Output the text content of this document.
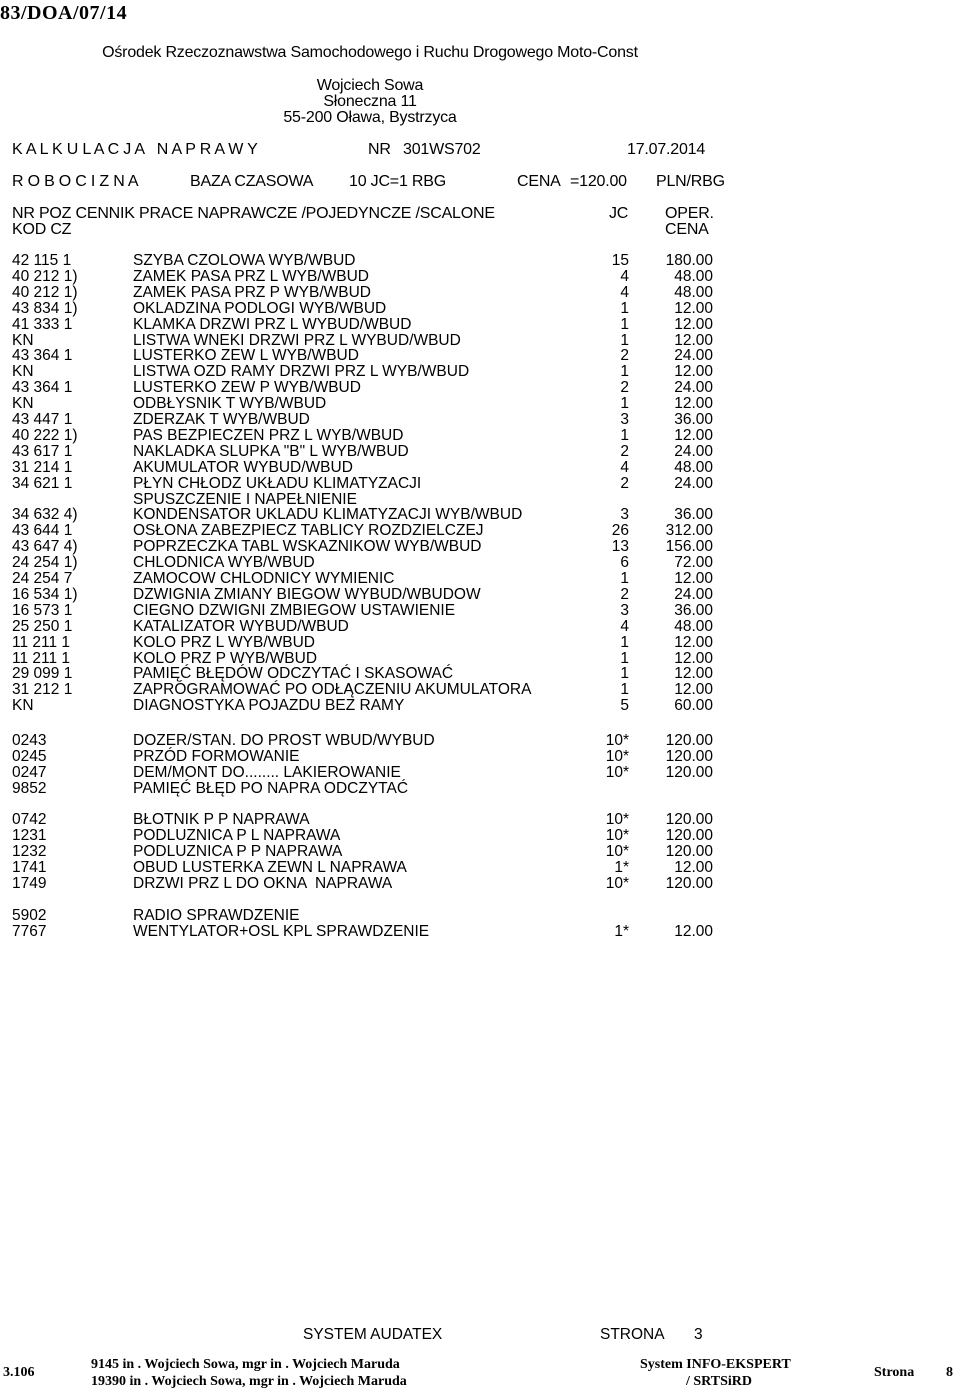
83/DOA/07/14
Ośrodek Rzeczoznawstwa Samochodowego i Ruchu Drogowego Moto-Const
Wojciech Sowa
Słoneczna 11
55-200 Oława, Bystrzyca
K A L K U L A C J A   N A P R A W Y	NR 301WS702	17.07.2014
R O B O C I Z N A	BAZA CZASOWA 10 JC=1 RBG	CENA =120.00 PLN/RBG
NR POZ CENNIK PRACE NAPRAWCZE /POJEDYNCZE /SCALONE	JC OPER.
KOD CZ	CENA
42 115 1	SZYBA CZOLOWA WYB/WBUD	15 180.00
40 212 1)	ZAMEK PASA PRZ L WYB/WBUD	4	48.00
40 212 1)	ZAMEK PASA PRZ P WYB/WBUD	4	48.00
43 834 1)	OKLADZINA PODLOGI WYB/WBUD	1	12.00
41 333 1	KLAMKA DRZWI PRZ L WYBUD/WBUD	1	12.00
KN	LISTWA WNEKI DRZWI PRZ L WYBUD/WBUD	1	12.00
43 364 1	LUSTERKO ZEW L WYB/WBUD	2	24.00
KN	LISTWA OZD RAMY DRZWI PRZ L WYB/WBUD	1	12.00
43 364 1	LUSTERKO ZEW P WYB/WBUD	2	24.00
KN	ODBŁYSNIK T WYB/WBUD	1	12.00
43 447 1	ZDERZAK T WYB/WBUD	3	36.00
40 222 1)	PAS BEZPIECZEN PRZ L WYB/WBUD	1	12.00
43 617 1	NAKLADKA SLUPKA "B" L WYB/WBUD	2	24.00
31 214 1	AKUMULATOR WYBUD/WBUD	4	48.00
34 621 1	PŁYN CHŁODZ UKŁADU KLIMATYZACJI	2	24.00
SPUSZCZENIE I NAPEŁNIENIE
34 632 4)	KONDENSATOR UKLADU KLIMATYZACJI WYB/WBUD	3	36.00
43 644 1	OSŁONA ZABEZPIECZ TABLICY ROZDZIELCZEJ	26 312.00
43 647 4)	POPRZECZKA TABL WSKAZNIKOW WYB/WBUD	13 156.00
24 254 1)	CHLODNICA WYB/WBUD	6	72.00
24 254 7	ZAMOCOW CHLODNICY WYMIENIC	1	12.00
16 534 1)	DZWIGNIA ZMIANY BIEGOW WYBUD/WBUDOW	2	24.00
16 573 1	CIEGNO DZWIGNI ZMBIEGOW USTAWIENIE	3	36.00
25 250 1	KATALIZATOR WYBUD/WBUD	4	48.00
11 211 1	KOLO PRZ L WYB/WBUD	1	12.00
11 211 1	KOLO PRZ P WYB/WBUD	1	12.00
29 099 1	PAMIĘĆ BŁĘDÓW ODCZYTAĆ I SKASOWAĆ	1	12.00
31 212 1	ZAPRÓGRAMOWAĆ PO ODŁĄCZENIU AKUMULATORA	1	12.00
KN	DIAGNOSTYKA POJAZDU BEZ RAMY	5	60.00
0243	DOZER/STAN. DO PROST WBUD/WYBUD	10* 120.00
0245	PRZÓD FORMOWANIE	10* 120.00
0247	DEM/MONT DO........ LAKIEROWANIE	10* 120.00
9852	PAMIĘĆ BŁĘD PO NAPRA ODCZYTAĆ
0742	BŁOTNIK P P NAPRAWA	10* 120.00
1231	PODLUZNICA P L NAPRAWA	10* 120.00
1232	PODLUZNICA P P NAPRAWA	10* 120.00
1741	OBUD LUSTERKA ZEWN L NAPRAWA	1*	12.00
1749	DRZWI PRZ L DO OKNA  NAPRAWA	10* 120.00
5902	RADIO SPRAWDZENIE
7767	WENTYLATOR+OSL KPL SPRAWDZENIE	1*	12.00
SYSTEM AUDATEX	STRONA 3
3.106
9145 in . Wojciech Sowa, mgr in . Wojciech Maruda
19390 in . Wojciech Sowa, mgr in . Wojciech Maruda
System INFO-EKSPERT
/ SRTSiRD
Strona 8
